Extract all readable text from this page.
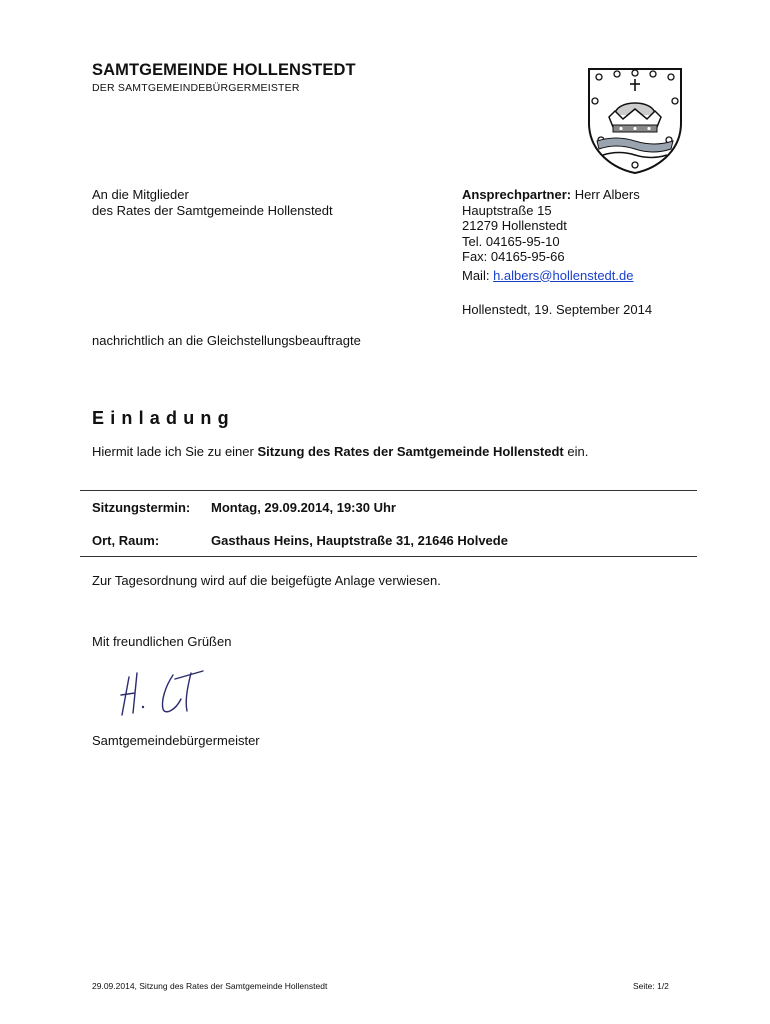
SAMTGEMEINDE HOLLENSTEDT
DER SAMTGEMEINDEBÜRGERMEISTER
An die Mitglieder
des Rates der Samtgemeinde Hollenstedt
Ansprechpartner: Herr Albers
Hauptstraße 15
21279 Hollenstedt
Tel. 04165-95-10
Fax: 04165-95-66
Mail: h.albers@hollenstedt.de
Hollenstedt, 19. September 2014
nachrichtlich an die Gleichstellungsbeauftragte
Einladung
Hiermit lade ich Sie zu einer Sitzung des Rates der Samtgemeinde Hollenstedt ein.
Sitzungstermin: Montag, 29.09.2014, 19:30 Uhr
Ort, Raum:	Gasthaus Heins, Hauptstraße 31, 21646 Holvede
Zur Tagesordnung wird auf die beigefügte Anlage verwiesen.
Mit freundlichen Grüßen
Samtgemeindebürgermeister
29.09.2014, Sitzung des Rates der Samtgemeinde Hollenstedt	Seite: 1/2
